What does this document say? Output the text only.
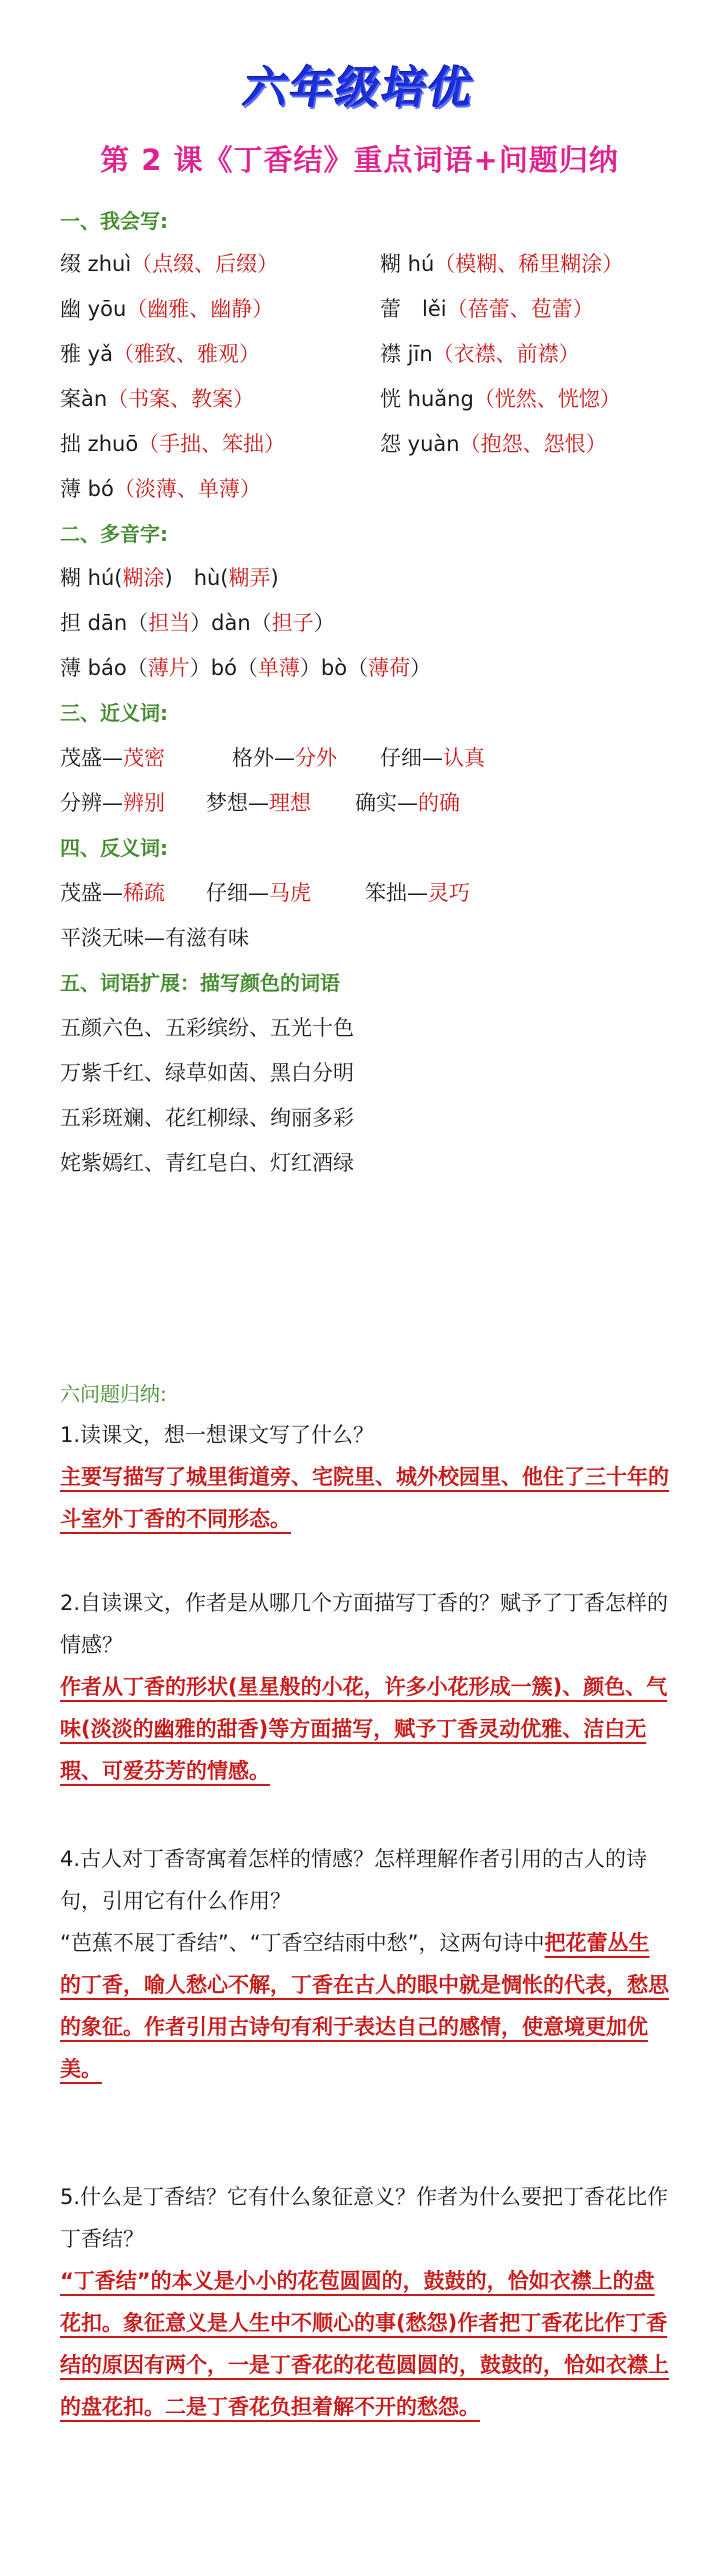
六年级培优
第 2 课《丁香结》重点词语+问题归纳
一、我会写:
缀 zhuì（点缀、后缀）	糊 hú（模糊、稀里糊涂）
幽 yōu（幽雅、幽静）	蕾　lěi（蓓蕾、苞蕾）
雅 yǎ（雅致、雅观）	襟 jīn（衣襟、前襟）
案àn（书案、教案）	恍 huǎng（恍然、恍惚）
拙 zhuō（手拙、笨拙）	怨 yuàn（抱怨、怨恨）
薄 bó（淡薄、单薄）
二、多音字:
糊 hú(糊涂)　hù(糊弄)
担 dān（担当）dàn（担子）
薄 báo（薄片）bó（单薄）bò（薄荷）
三、近义词:
茂盛—茂密	格外—分外 仔细—认真
分辨—辨别 梦想—理想 确实—的确
四、反义词:
茂盛—稀疏 仔细—马虎	笨拙—灵巧
平淡无味—有滋有味
五、词语扩展：描写颜色的词语
五颜六色、五彩缤纷、五光十色
万紫千红、绿草如茵、黑白分明
五彩斑斓、花红柳绿、绚丽多彩
姹紫嫣红、青红皂白、灯红酒绿
六问题归纳:
1.读课文，想一想课文写了什么？
主要写描写了城里街道旁、宅院里、城外校园里、他住了三十年的斗室外丁香的不同形态。
2.自读课文，作者是从哪几个方面描写丁香的？赋予了丁香怎样的情感？
作者从丁香的形状(星星般的小花，许多小花形成一簇)、颜色、气味(淡淡的幽雅的甜香)等方面描写，赋予丁香灵动优雅、洁白无瑕、可爱芬芳的情感。
4.古人对丁香寄寓着怎样的情感？怎样理解作者引用的古人的诗句，引用它有什么作用？
“芭蕉不展丁香结”、“丁香空结雨中愁”，这两句诗中把花蕾丛生的丁香，喻人愁心不解，丁香在古人的眼中就是惆怅的代表，愁思的象征。作者引用古诗句有利于表达自己的感情，使意境更加优美。
5.什么是丁香结？它有什么象征意义？作者为什么要把丁香花比作丁香结？
“丁香结”的本义是小小的花苞圆圆的，鼓鼓的，恰如衣襟上的盘花扣。象征意义是人生中不顺心的事(愁怨)作者把丁香花比作丁香结的原因有两个，一是丁香花的花苞圆圆的，鼓鼓的，恰如衣襟上的盘花扣。二是丁香花负担着解不开的愁怨。
